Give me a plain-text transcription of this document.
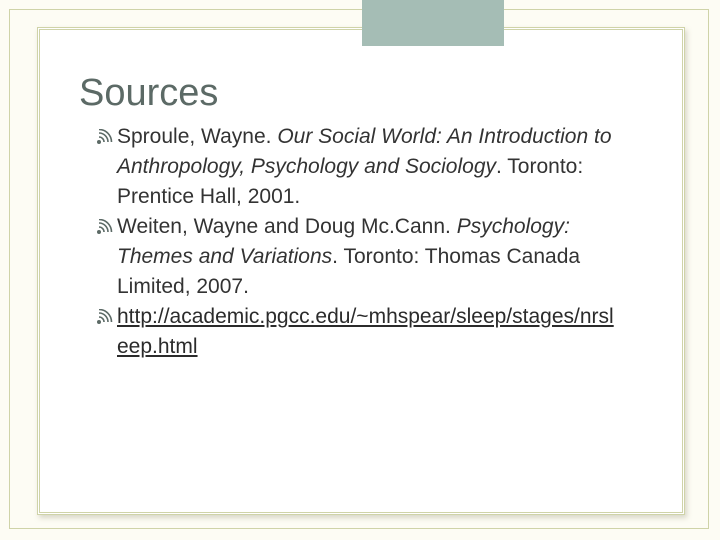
Sources
Sproule, Wayne. Our Social World: An Introduction to Anthropology, Psychology and Sociology. Toronto: Prentice Hall, 2001.
Weiten, Wayne and Doug Mc.Cann. Psychology: Themes and Variations. Toronto: Thomas Canada Limited, 2007.
http://academic.pgcc.edu/~mhspear/sleep/stages/nrsleep.html
